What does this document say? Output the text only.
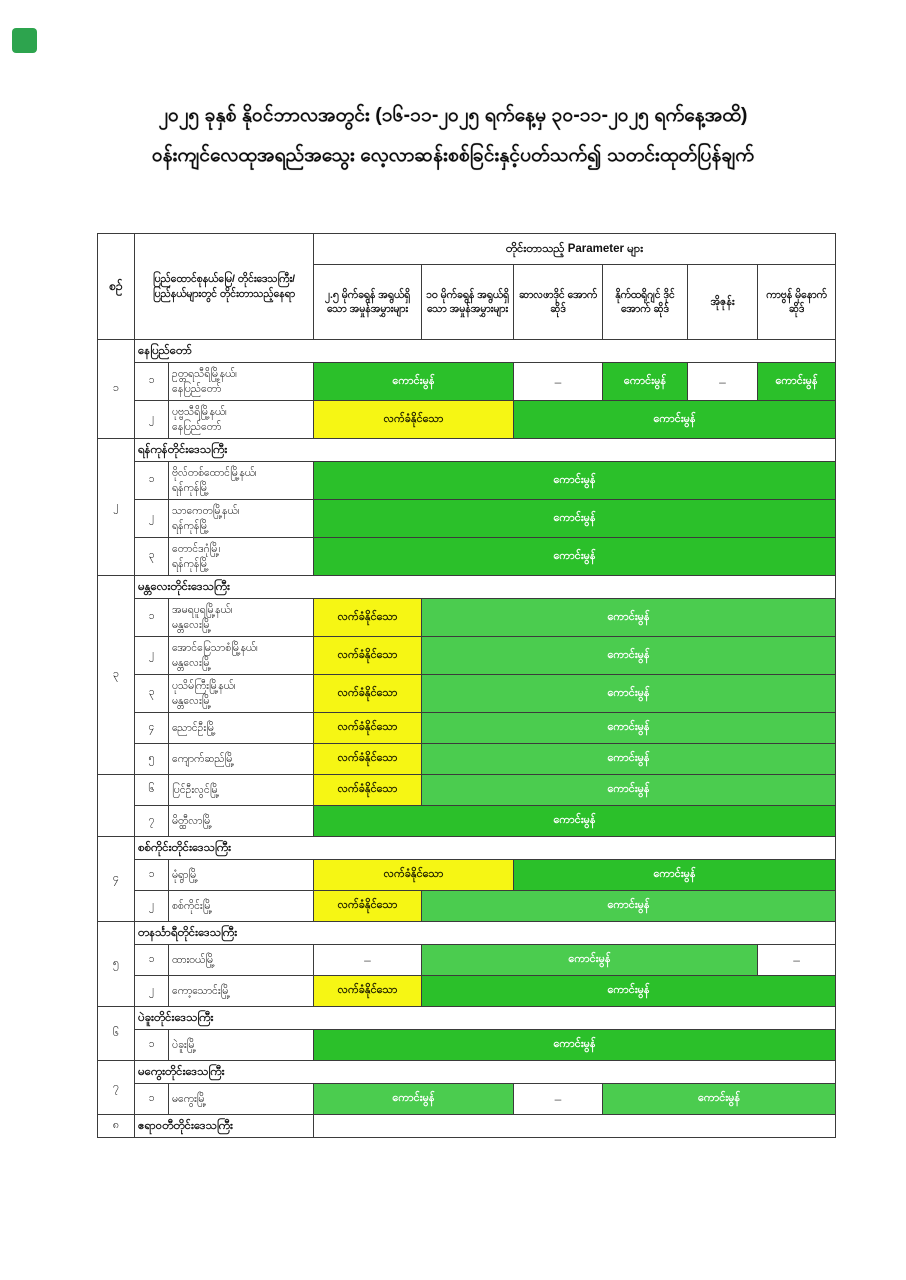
၂၀၂၅ ခုနှစ် နိုဝင်ဘာလအတွင်း (၁၆-၁၁-၂၀၂၅ ရက်နေ့မှ ၃၀-၁၁-၂၀၂၅ ရက်နေ့အထိ)
ဝန်းကျင်လေထုအရည်အသွေး လေ့လာဆန်းစစ်ခြင်းနှင့်ပတ်သက်၍ သတင်းထုတ်ပြန်ချက်
စဉ်	ပြည်ထောင်စုနယ်မြေ/ တိုင်းဒေသကြီး/ ပြည်နယ်များတွင် တိုင်းတာသည့်နေရာ		တိုင်းတာသည့် Parameter များ					
			၂.၅ မိုက်ခရွန် အရွယ်ရှိသော အမှုန်အမွှားများ	၁၀ မိုက်ခရွန် အရွယ်ရှိသော အမှုန်အမွှားများ	ဆာလဖာဒိုင် အောက်ဆိုဒ်	နိုက်ထရိုဂျင် ဒိုင်အောက် ဆိုဒ်	အိုဇုန်း	ကာဗွန် မိုနောက် ဆိုဒ်
၁	နေပြည်တော်							
	၁	ဥတ္တရသီရိမြို့နယ်၊
နေပြည်တော်	ကောင်းမွန်		–	ကောင်းမွန်	–	ကောင်းမွန်
	၂	ပုဗ္ဗသီရိမြို့နယ်၊
နေပြည်တော်	လက်ခံနိုင်သော		ကောင်းမွန်			
၂	ရန်ကုန်တိုင်းဒေသကြီး							
	၁	ဗိုလ်တစ်ထောင်မြို့နယ်၊
ရန်ကုန်မြို့	ကောင်းမွန်					
	၂	သာကေတမြို့နယ်၊
ရန်ကုန်မြို့	ကောင်းမွန်					
	၃	တောင်ဒဂုံမြို့၊
ရန်ကုန်မြို့	ကောင်းမွန်					
၃	မန္တလေးတိုင်းဒေသကြီး							
	၁	အမရပူရမြို့နယ်၊
မန္တလေးမြို့	လက်ခံနိုင်သော	ကောင်းမွန်				
	၂	အောင်မြေသာစံမြို့နယ်၊
မန္တလေးမြို့	လက်ခံနိုင်သော	ကောင်းမွန်				
	၃	ပုသိမ်ကြီးမြို့နယ်၊
မန္တလေးမြို့	လက်ခံနိုင်သော	ကောင်းမွန်				
	၄	ညောင်ဦးမြို့	လက်ခံနိုင်သော	ကောင်းမွန်				
	၅	ကျောက်ဆည်မြို့	လက်ခံနိုင်သော	ကောင်းမွန်				
	၆	ပြင်ဦးလွင်မြို့	လက်ခံနိုင်သော	ကောင်းမွန်				
	၇	မိတ္ထီလာမြို့	ကောင်းမွန်					
၄	စစ်ကိုင်းတိုင်းဒေသကြီး							
	၁	မုံရွာမြို့	လက်ခံနိုင်သော		ကောင်းမွန်			
	၂	စစ်ကိုင်းမြို့	လက်ခံနိုင်သော	ကောင်းမွန်				
၅	တနင်္သာရီတိုင်းဒေသကြီး							
	၁	ထားဝယ်မြို့	–	ကောင်းမွန်				–
	၂	ကော့သောင်းမြို့	လက်ခံနိုင်သော	ကောင်းမွန်				
၆	ပဲခူးတိုင်းဒေသကြီး							
	၁	ပဲခူးမြို့	ကောင်းမွန်					
၇	မကွေးတိုင်းဒေသကြီး							
	၁	မကွေးမြို့	ကောင်းမွန်		–	ကောင်းမွန်		
၈	ဧရာဝတီတိုင်းဒေသကြီး							
